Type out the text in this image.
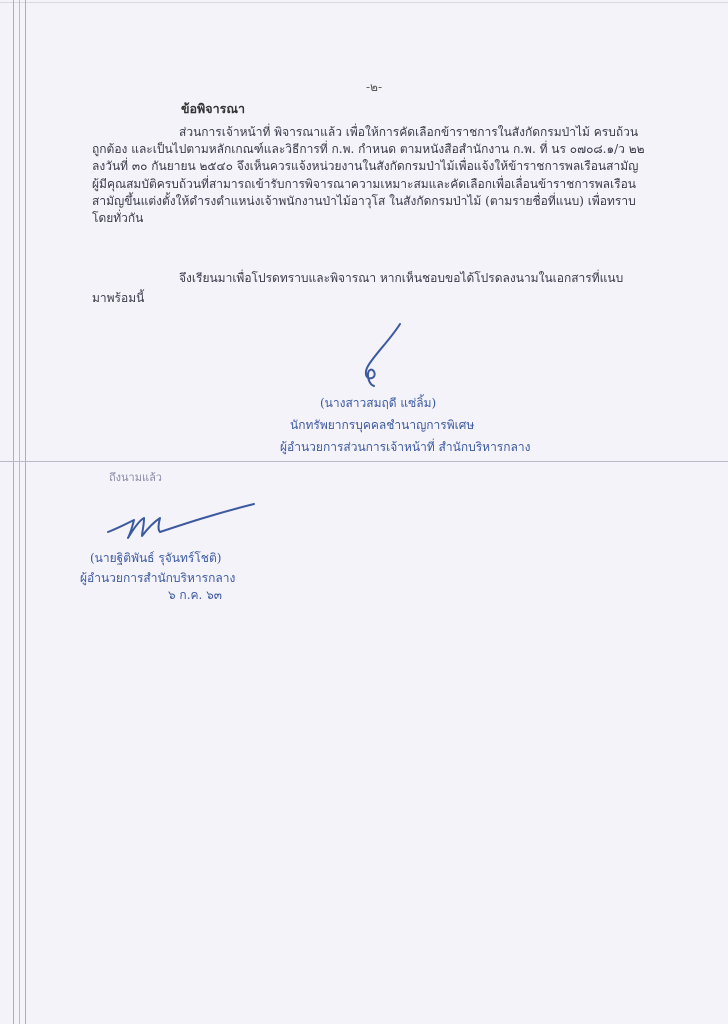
-๒-
ข้อพิจารณา
ส่วนการเจ้าหน้าที่ พิจารณาแล้ว เพื่อให้การคัดเลือกข้าราชการในสังกัดกรมป่าไม้ ครบถ้วน
ถูกต้อง และเป็นไปตามหลักเกณฑ์และวิธีการที่ ก.พ. กำหนด ตามหนังสือสำนักงาน ก.พ. ที่ นร ๐๗๐๘.๑/ว ๒๒
ลงวันที่ ๓๐ กันยายน ๒๕๔๐ จึงเห็นควรแจ้งหน่วยงานในสังกัดกรมป่าไม้เพื่อแจ้งให้ข้าราชการพลเรือนสามัญ
ผู้มีคุณสมบัติครบถ้วนที่สามารถเข้ารับการพิจารณาความเหมาะสมและคัดเลือกเพื่อเลื่อนข้าราชการพลเรือน
สามัญขึ้นแต่งตั้งให้ดำรงตำแหน่งเจ้าพนักงานป่าไม้อาวุโส ในสังกัดกรมป่าไม้ (ตามรายชื่อที่แนบ) เพื่อทราบ
โดยทั่วกัน
จึงเรียนมาเพื่อโปรดทราบและพิจารณา หากเห็นชอบขอได้โปรดลงนามในเอกสารที่แนบ
มาพร้อมนี้
(นางสาวสมฤดี แซ่ลิ้ม)
นักทรัพยากรบุคคลชำนาญการพิเศษ
ผู้อำนวยการส่วนการเจ้าหน้าที่ สำนักบริหารกลาง
ถึงนามแล้ว
(นายฐิติพันธ์ รุจันทร์โชติ)
ผู้อำนวยการสำนักบริหารกลาง
๖ ก.ค. ๖๓
